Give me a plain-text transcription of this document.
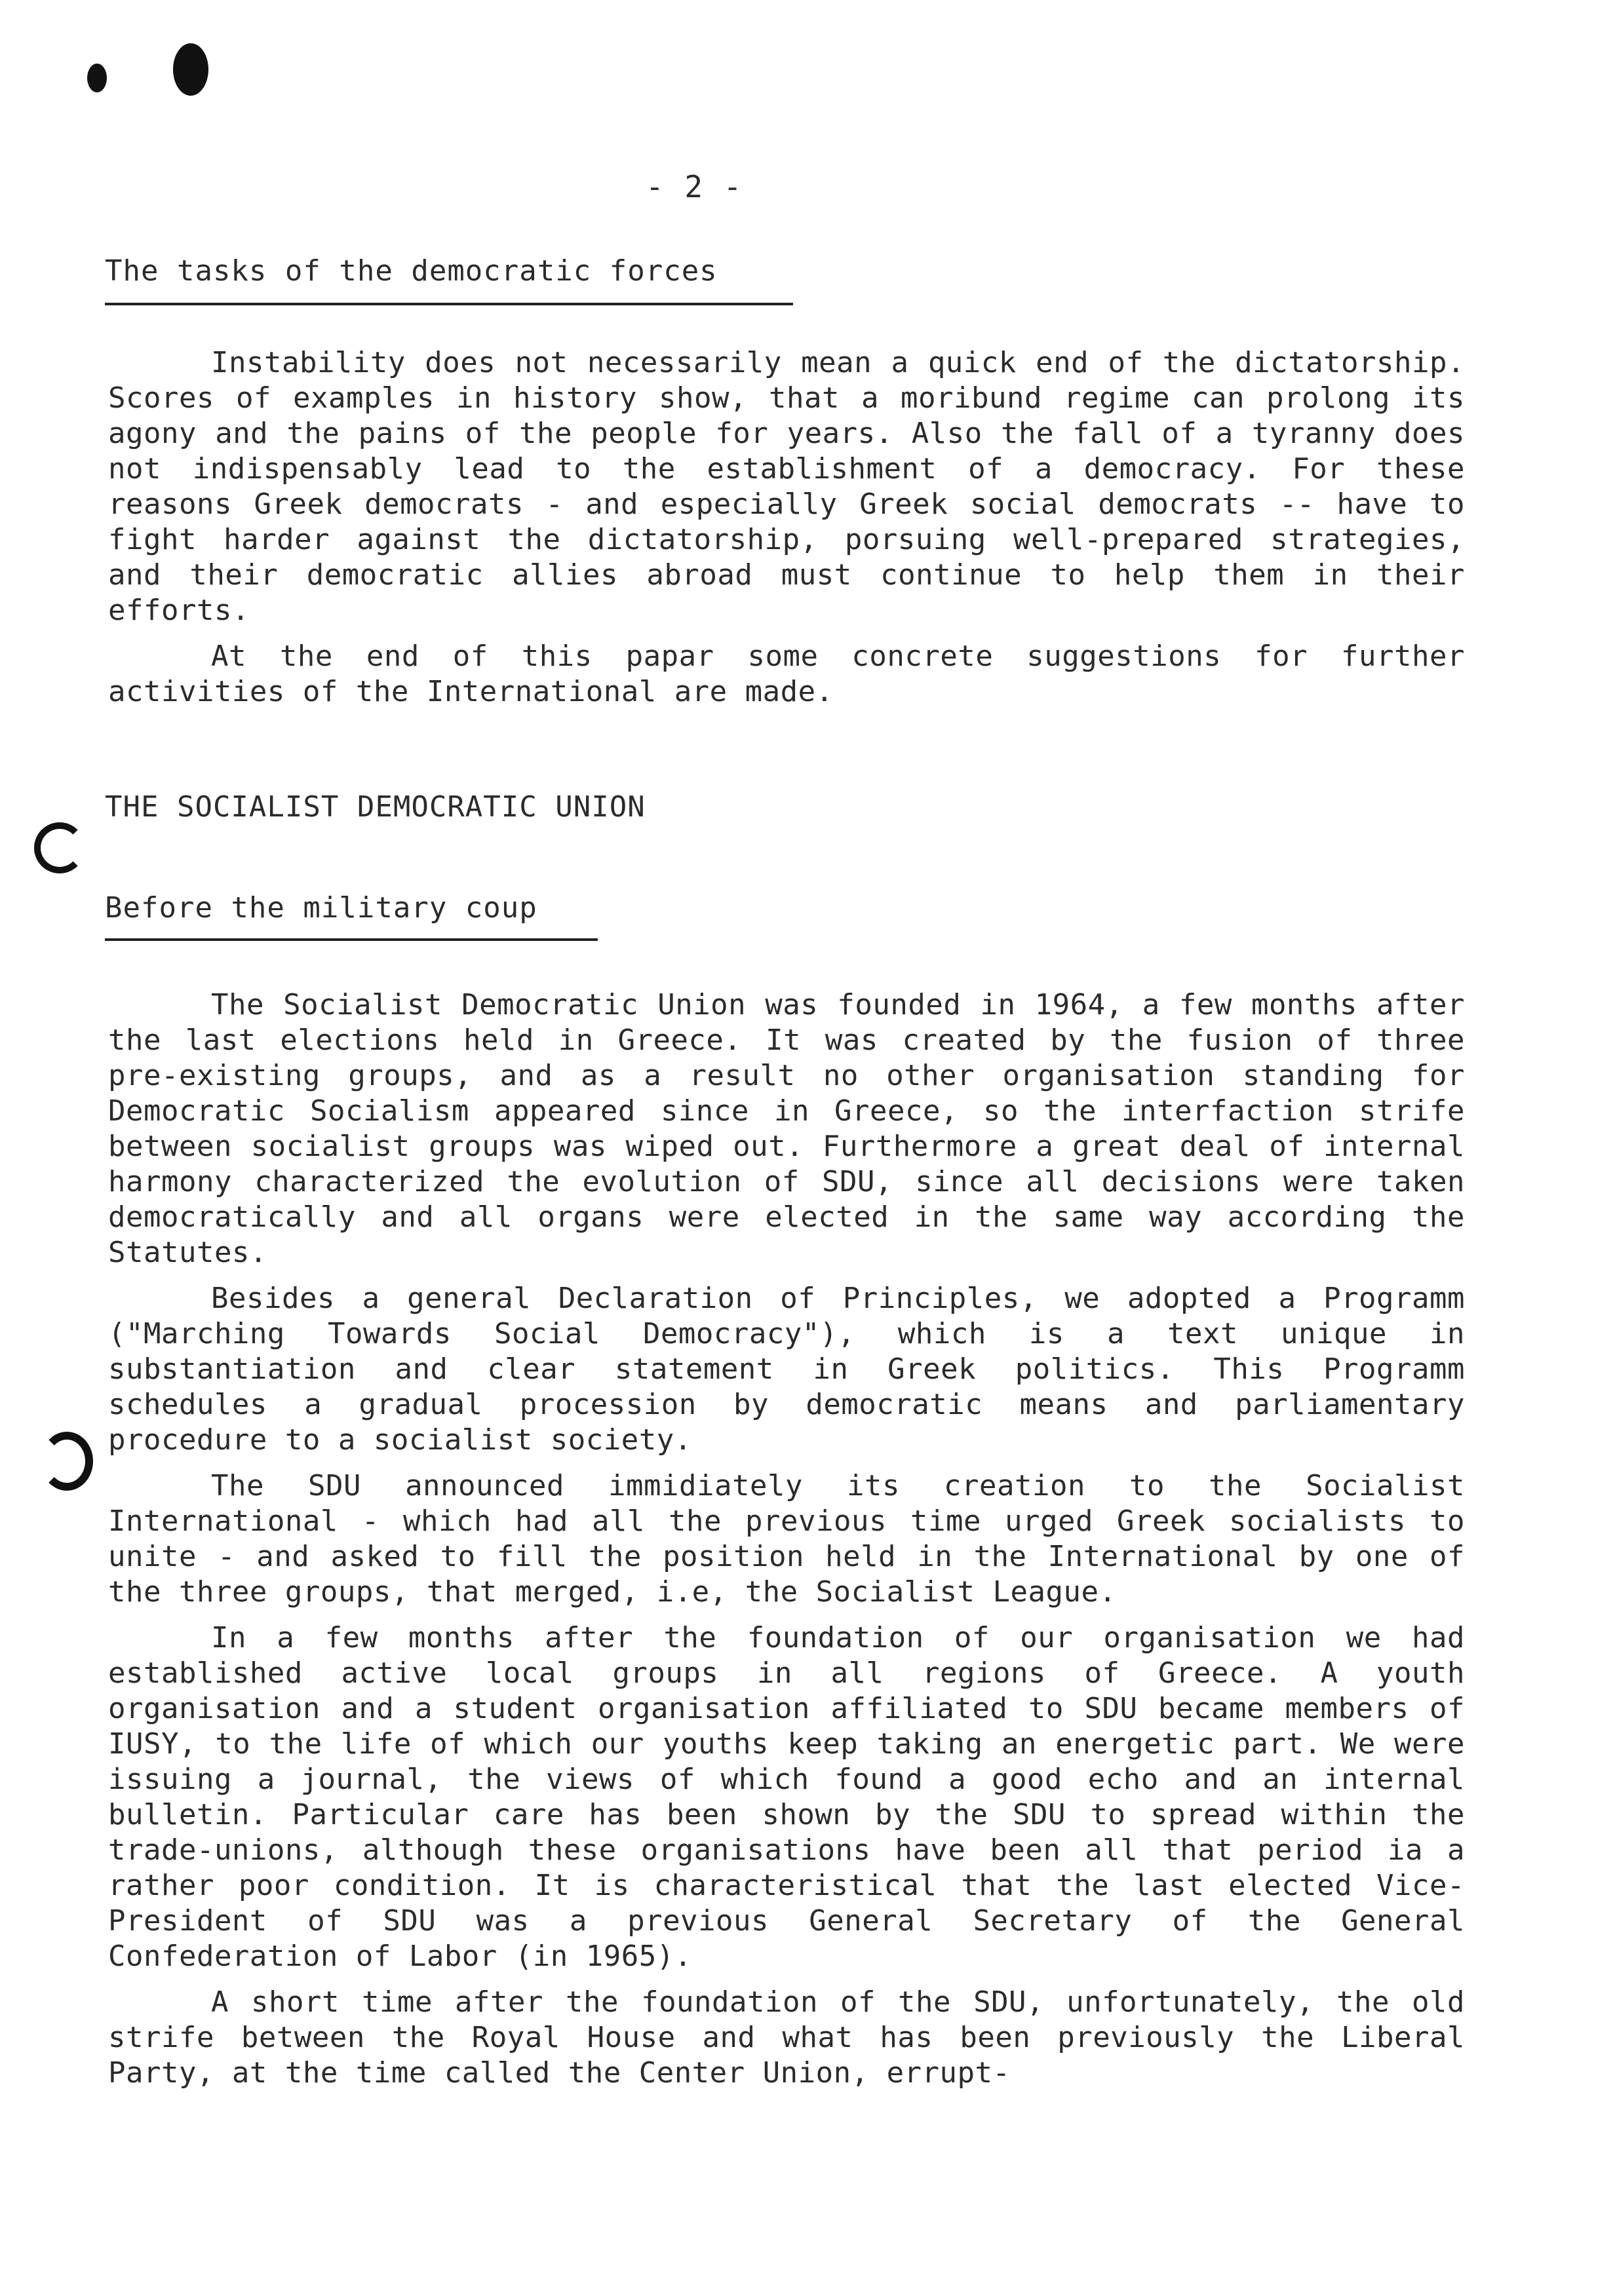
- 2 -
The tasks of the democratic forces

Instability does not necessarily mean a quick end of the dictatorship. Scores of examples in history show, that a moribund regime can prolong its agony and the pains of the people for years. Also the fall of a tyranny does not indispensably lead to the establishment of a democracy. For these reasons Greek democrats - and especially Greek social democrats -- have to fight harder against the dictatorship, porsuing well-prepared strategies, and their democratic allies abroad must continue to help them in their efforts.

At the end of this papar some concrete suggestions for further activities of the International are made.

THE SOCIALIST DEMOCRATIC UNION
Before the military coup

The Socialist Democratic Union was founded in 1964, a few months after the last elections held in Greece. It was created by the fusion of three pre-existing groups, and as a result no other organisation standing for Democratic Socialism appeared since in Greece, so the interfaction strife between socialist groups was wiped out. Furthermore a great deal of internal harmony characterized the evolution of SDU, since all decisions were taken democratically and all organs were elected in the same way according the Statutes.

Besides a general Declaration of Principles, we adopted a Programm ("Marching Towards Social Democracy"), which is a text unique in substantiation and clear statement in Greek politics. This Programm schedules a gradual procession by democratic means and parliamentary procedure to a socialist society.

The SDU announced immidiately its creation to the Socialist International - which had all the previous time urged Greek socialists to unite - and asked to fill the position held in the International by one of the three groups, that merged, i.e, the Socialist League.

In a few months after the foundation of our organisation we had established active local groups in all regions of Greece. A youth organisation and a student organisation affiliated to SDU became members of IUSY, to the life of which our youths keep taking an energetic part. We were issuing a journal, the views of which found a good echo and an internal bulletin. Particular care has been shown by the SDU to spread within the trade-unions, although these organisations have been all that period ia a rather poor condition. It is characteristical that the last elected Vice-President of SDU was a previous General Secretary of the General Confederation of Labor (in 1965).

A short time after the foundation of the SDU, unfortunately, the old strife between the Royal House and what has been previously the Liberal Party, at the time called the Center Union, errupt-
